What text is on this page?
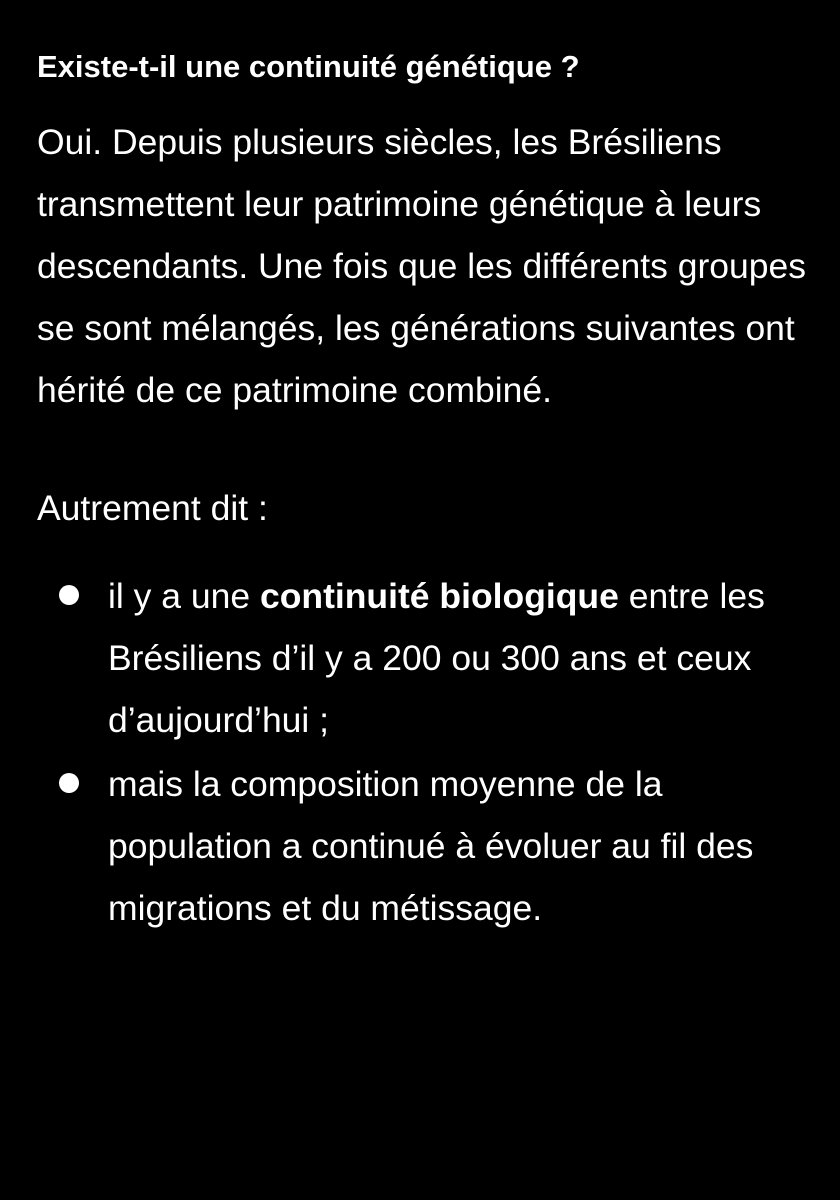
Existe-t-il une continuité génétique ?

Oui. Depuis plusieurs siècles, les Brésiliens transmettent leur patrimoine génétique à leurs descendants. Une fois que les différents groupes se sont mélangés, les générations suivantes ont hérité de ce patrimoine combiné.

Autrement dit :

il y a une continuité biologique entre les Brésiliens d’il y a 200 ou 300 ans et ceux d’aujourd’hui ;
mais la composition moyenne de la population a continué à évoluer au fil des migrations et du métissage.
